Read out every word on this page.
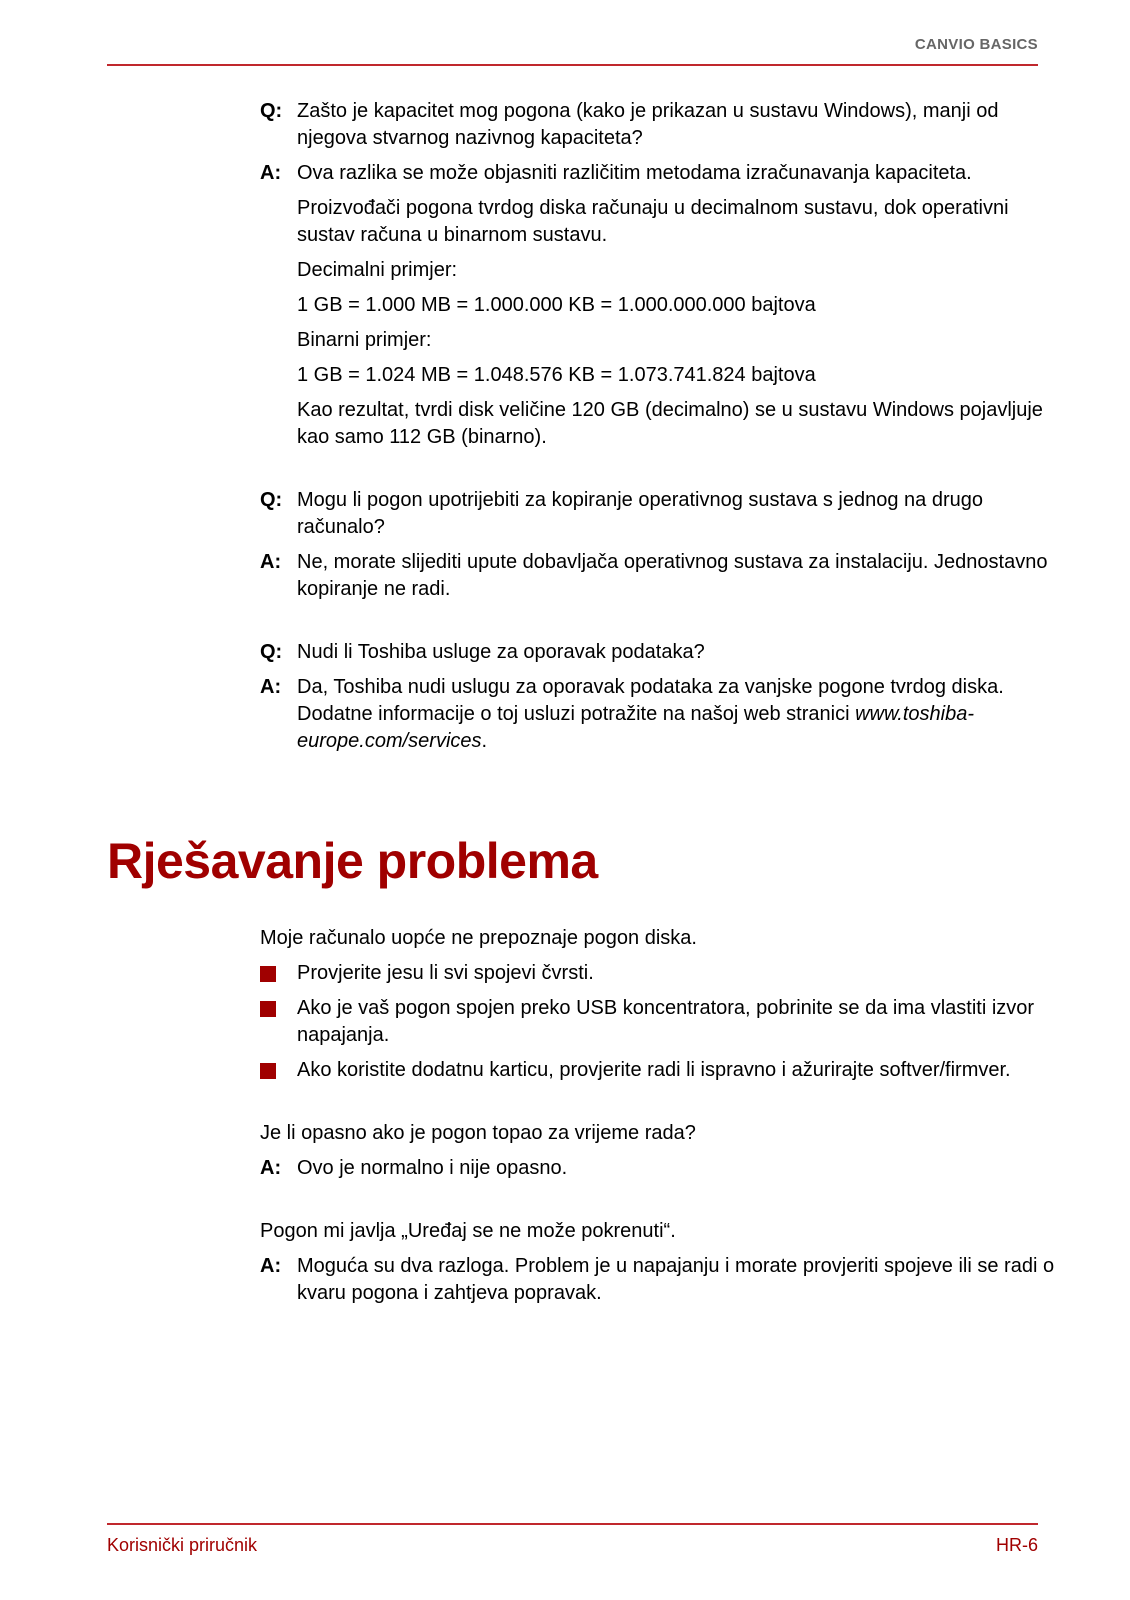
CANVIO BASICS
Q: Zašto je kapacitet mog pogona (kako je prikazan u sustavu Windows), manji od njegova stvarnog nazivnog kapaciteta?
A: Ova razlika se može objasniti različitim metodama izračunavanja kapaciteta.
Proizvođači pogona tvrdog diska računaju u decimalnom sustavu, dok operativni sustav računa u binarnom sustavu.
Decimalni primjer:
1 GB = 1.000 MB = 1.000.000 KB = 1.000.000.000 bajtova
Binarni primjer:
1 GB = 1.024 MB = 1.048.576 KB = 1.073.741.824 bajtova
Kao rezultat, tvrdi disk veličine 120 GB (decimalno) se u sustavu Windows pojavljuje kao samo 112 GB (binarno).
Q: Mogu li pogon upotrijebiti za kopiranje operativnog sustava s jednog na drugo računalo?
A: Ne, morate slijediti upute dobavljača operativnog sustava za instalaciju. Jednostavno kopiranje ne radi.
Q: Nudi li Toshiba usluge za oporavak podataka?
A: Da, Toshiba nudi uslugu za oporavak podataka za vanjske pogone tvrdog diska. Dodatne informacije o toj usluzi potražite na našoj web stranici www.toshiba-europe.com/services.
Rješavanje problema
Moje računalo uopće ne prepoznaje pogon diska.
Provjerite jesu li svi spojevi čvrsti.
Ako je vaš pogon spojen preko USB koncentratora, pobrinite se da ima vlastiti izvor napajanja.
Ako koristite dodatnu karticu, provjerite radi li ispravno i ažurirajte softver/firmver.
Je li opasno ako je pogon topao za vrijeme rada?
A: Ovo je normalno i nije opasno.
Pogon mi javlja „Uređaj se ne može pokrenuti“.
A: Moguća su dva razloga. Problem je u napajanju i morate provjeriti spojeve ili se radi o kvaru pogona i zahtjeva popravak.
Korisnički priručnik	HR-6
